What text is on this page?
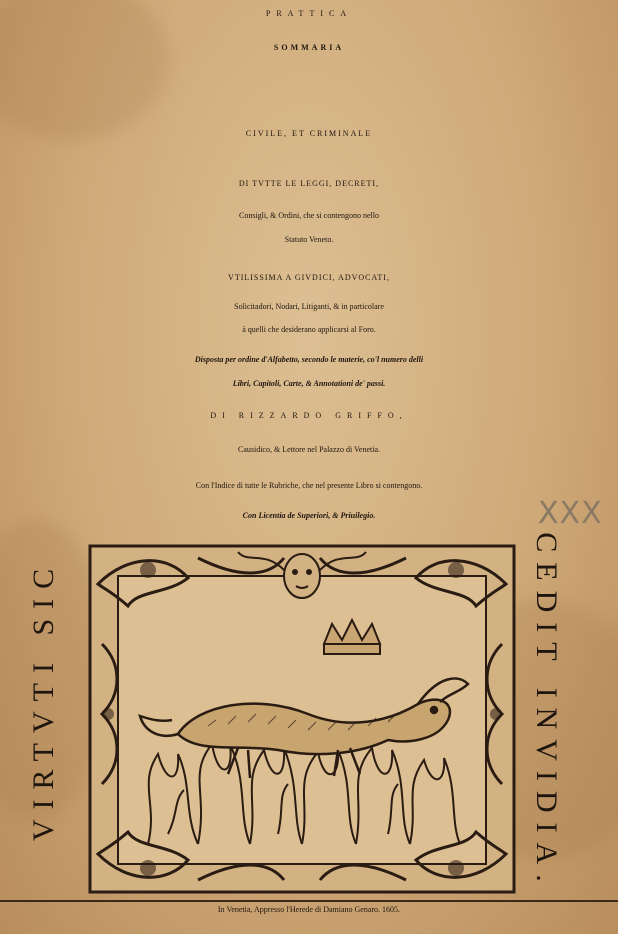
PRATTICA
SOMMARIA
CIVILE, ET CRIMINALE
DI TVTTE LE LEGGI, DECRETI,
Consigli, & Ordini, che si contengono nello
Statuto Veneto.
VTILISSIMA A GIVDICI, ADVOCATI,
Solicitadori, Nodari, Litiganti, & in particolare
à quelli che desiderano applicarsi al Foro.
Disposta per ordine d'Alfabetto, secondo le materie, co'l numero delli
Libri, Capitoli, Carte, & Annotationi de' passi.
DI RIZZARDO GRIFFO,
Causidico, & Lettore nel Palazzo di Venetia.
Con l'Indice di tutte le Rubriche, che nel presente Libro si contengono.
Con Licentia de Superiori, & Priuilegio.	XXX
VIRTVTI SIC	CEDIT INVIDIA.
In Venetia, Appresso l'Herede di Damiano Genaro. 1605.
